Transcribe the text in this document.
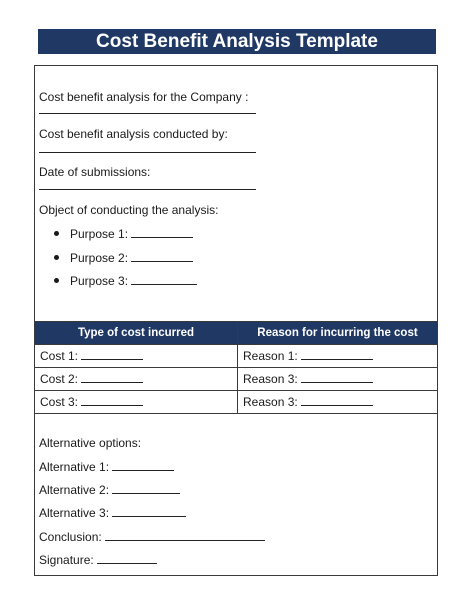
Cost Benefit Analysis Template
Cost benefit analysis for the Company :
Cost benefit analysis conducted by:
Date of submissions:
Object of conducting the analysis:
Purpose 1:
Purpose 2:
Purpose 3:
Type of cost incurred	Reason for incurring the cost
Cost 1:	Reason 1:
Cost 2:	Reason 3:
Cost 3:	Reason 3:
Alternative options:
Alternative 1:
Alternative 2:
Alternative 3:
Conclusion:
Signature:
